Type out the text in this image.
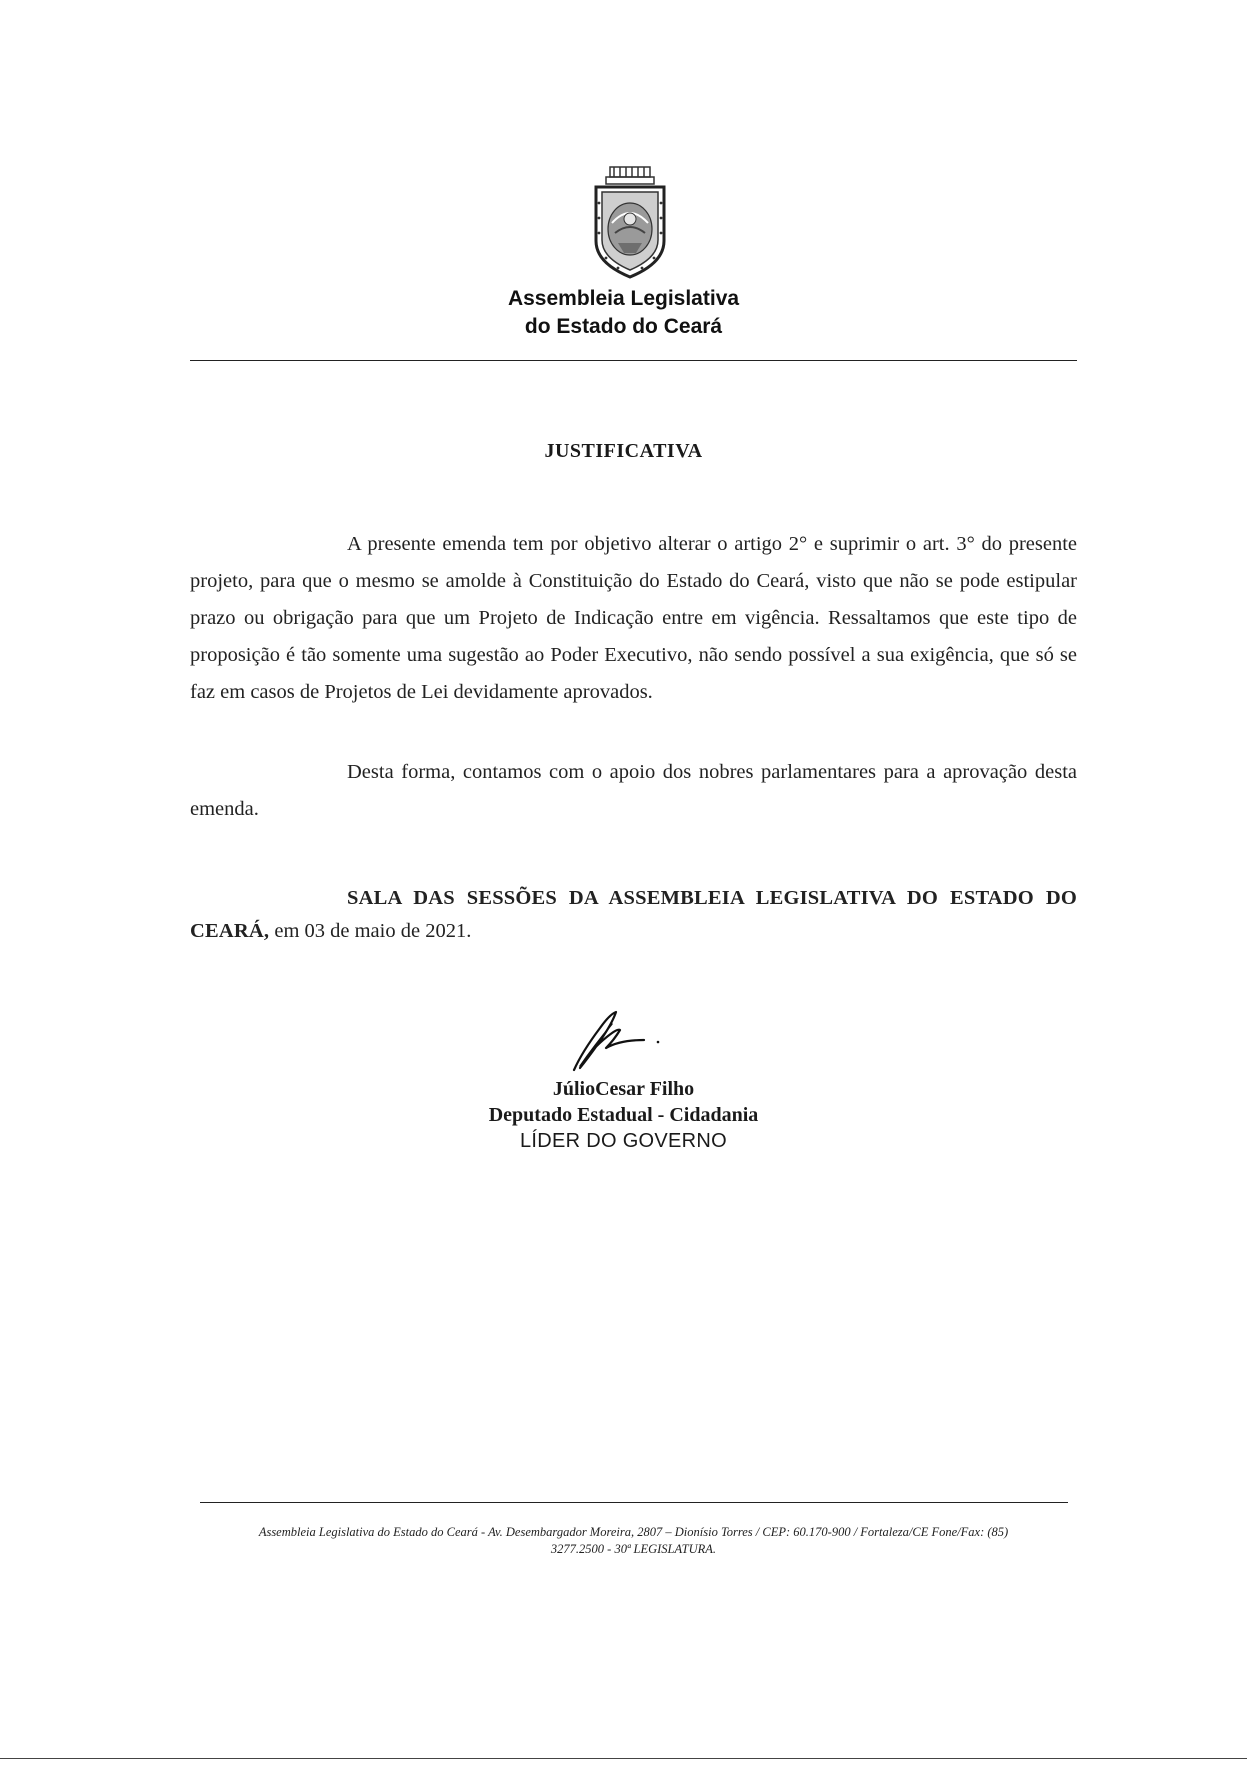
Assembleia Legislativa
do Estado do Ceará
JUSTIFICATIVA
A presente emenda tem por objetivo alterar o artigo 2° e suprimir o art. 3° do presente projeto, para que o mesmo se amolde à Constituição do Estado do Ceará, visto que não se pode estipular prazo ou obrigação para que um Projeto de Indicação entre em vigência. Ressaltamos que este tipo de proposição é tão somente uma sugestão ao Poder Executivo, não sendo possível a sua exigência, que só se faz em casos de Projetos de Lei devidamente aprovados.
Desta forma, contamos com o apoio dos nobres parlamentares para a aprovação desta emenda.
SALA DAS SESSÕES DA ASSEMBLEIA LEGISLATIVA DO ESTADO DO CEARÁ, em 03 de maio de 2021.
JúlioCesar Filho
Deputado Estadual - Cidadania
LÍDER DO GOVERNO
Assembleia Legislativa do Estado do Ceará - Av. Desembargador Moreira, 2807 – Dionísio Torres / CEP: 60.170-900 / Fortaleza/CE Fone/Fax: (85)
3277.2500 - 30ª LEGISLATURA.
